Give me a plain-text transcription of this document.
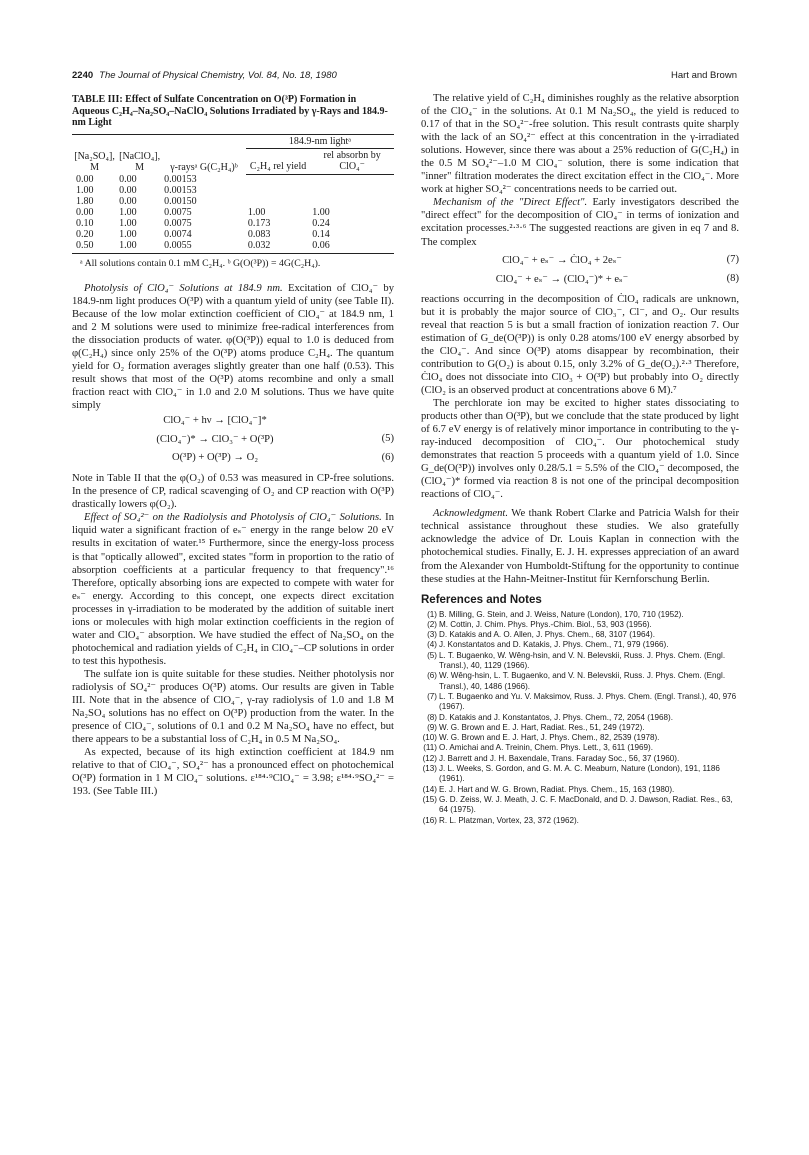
2240 The Journal of Physical Chemistry, Vol. 84, No. 18, 1980	Hart and Brown

TABLE III: Effect of Sulfate Concentration on O(³P) Formation in Aqueous C₂H₄–Na₂SO₄–NaClO₄ Solutions Irradiated by γ-Rays and 184.9-nm Light

[Na₂SO₄], M	[NaClO₄], M	γ-raysᵃ G(C₂H₄)ᵇ	184.9-nm lightᵃ	
			C₂H₄ rel yield	rel absorbn by ClO₄⁻
0.00	0.00	0.00153		
1.00	0.00	0.00153		
1.80	0.00	0.00150		
0.00	1.00	0.0075	1.00	1.00
0.10	1.00	0.0075	0.173	0.24
0.20	1.00	0.0074	0.083	0.14
0.50	1.00	0.0055	0.032	0.06

ᵃ All solutions contain 0.1 mM C₂H₄. ᵇ G(O(³P)) = 4G(C₂H₄).

Photolysis of ClO₄⁻ Solutions at 184.9 nm. Excitation of ClO₄⁻ by 184.9-nm light produces O(³P) with a quantum yield of unity (see Table II). Because of the low molar extinction coefficient of ClO₄⁻ at 184.9 nm, 1 and 2 M solutions were used to minimize free-radical interferences from the dissociation products of water. φ(O(³P)) equal to 1.0 is deduced from φ(C₂H₄) since only 25% of the O(³P) atoms produce C₂H₄. The quantum yield for O₂ formation averages slightly greater than one half (0.53). This result shows that most of the O(³P) atoms recombine and only a small fraction react with ClO₄⁻ in 1.0 and 2.0 M solutions. Thus we have quite simply

ClO₄⁻ + hν → [ClO₄⁻]*
(ClO₄⁻)* → ClO₃⁻ + O(³P)	(5)
O(³P) + O(³P) → O₂	(6)

Note in Table II that the φ(O₂) of 0.53 was measured in CP-free solutions. In the presence of CP, radical scavenging of O₂ and CP reaction with O(³P) drastically lowers φ(O₂).

Effect of SO₄²⁻ on the Radiolysis and Photolysis of ClO₄⁻ Solutions. In liquid water a significant fraction of eₛ⁻ energy in the range below 20 eV results in excitation of water.¹⁵ Furthermore, since the energy-loss process is that "optically allowed", excited states "form in proportion to the ratio of absorption coefficients at a particular frequency to that frequency".¹⁶ Therefore, optically absorbing ions are expected to compete with water for eₛ⁻ energy. According to this concept, one expects direct excitation processes in γ-irradiation to be moderated by the addition of suitable inert ions or molecules with high molar extinction coefficients in the region of water and ClO₄⁻ absorption. We have studied the effect of Na₂SO₄ on the photochemical and radiation yields of C₂H₄ in ClO₄⁻–CP solutions in order to test this hypothesis.

The sulfate ion is quite suitable for these studies. Neither photolysis nor radiolysis of SO₄²⁻ produces O(³P) atoms. Our results are given in Table III. Note that in the absence of ClO₄⁻, γ-ray radiolysis of 1.0 and 1.8 M Na₂SO₄ solutions has no effect on O(³P) production from the water. In the presence of ClO₄⁻, solutions of 0.1 and 0.2 M Na₂SO₄ have no effect, but there appears to be a substantial loss of C₂H₄ in 0.5 M Na₂SO₄.

As expected, because of its high extinction coefficient at 184.9 nm relative to that of ClO₄⁻, SO₄²⁻ has a pronounced effect on photochemical O(³P) formation in 1 M ClO₄⁻ solutions. ε¹⁸⁴·⁹ClO₄⁻ = 3.98; ε¹⁸⁴·⁹SO₄²⁻ = 193. (See Table III.)

The relative yield of C₂H₄ diminishes roughly as the relative absorption of the ClO₄⁻ in the solutions. At 0.1 M Na₂SO₄, the yield is reduced to 0.17 of that in the SO₄²⁻-free solution. This result contrasts quite sharply with the lack of an SO₄²⁻ effect at this concentration in the γ-irradiated solutions. However, since there was about a 25% reduction of G(C₂H₄) in the 0.5 M SO₄²⁻–1.0 M ClO₄⁻ solution, there is some indication that "inner" filtration moderates the direct excitation effect in the ClO₄⁻. More work at higher SO₄²⁻ concentrations needs to be carried out.

Mechanism of the "Direct Effect". Early investigators described the "direct effect" for the decomposition of ClO₄⁻ in terms of ionization and excitation processes.²·³·⁶ The suggested reactions are given in eq 7 and 8. The complex

ClO₄⁻ + eₛ⁻ → ĊlO₄ + 2eₛ⁻	(7)
ClO₄⁻ + eₛ⁻ → (ClO₄⁻)* + eₛ⁻	(8)

reactions occurring in the decomposition of ĊlO₄ radicals are unknown, but it is probably the major source of ClO₃⁻, Cl⁻, and O₂. Our results reveal that reaction 5 is but a small fraction of ionization reaction 7. Our estimation of G_de(O(³P)) is only 0.28 atoms/100 eV energy absorbed by the ClO₄⁻. And since O(³P) atoms disappear by recombination, their contribution to G(O₂) is about 0.15, only 3.2% of G_de(O₂).²·³ Therefore, ĊlO₄ does not dissociate into ClO₃ + O(³P) but probably into O₂ directly (ClO₂ is an observed product at concentrations above 6 M).⁷

The perchlorate ion may be excited to higher states dissociating to products other than O(³P), but we conclude that the state produced by light of 6.7 eV energy is of relatively minor importance in contributing to the γ-ray-induced decomposition of ClO₄⁻. Our photochemical study demonstrates that reaction 5 proceeds with a quantum yield of 1.0. Since G_de(O(³P)) involves only 0.28/5.1 = 5.5% of the ClO₄⁻ decomposed, the (ClO₄⁻)* formed via reaction 8 is not one of the principal decomposition reactions of ClO₄⁻.

Acknowledgment. We thank Robert Clarke and Patricia Walsh for their technical assistance throughout these studies. We also gratefully acknowledge the advice of Dr. Louis Kaplan in connection with the photochemical studies. Finally, E. J. H. expresses appreciation of an award from the Alexander von Humboldt-Stiftung for the opportunity to continue these studies at the Hahn-Meitner-Institut für Kernforschung Berlin.

References and Notes
(1) B. Milling, G. Stein, and J. Weiss, Nature (London), 170, 710 (1952).
(2) M. Cottin, J. Chim. Phys. Phys.-Chim. Biol., 53, 903 (1956).
(3) D. Katakis and A. O. Allen, J. Phys. Chem., 68, 3107 (1964).
(4) J. Konstantatos and D. Katakis, J. Phys. Chem., 71, 979 (1966).
(5) L. T. Bugaenko, W. Wêng-hsin, and V. N. Belevskii, Russ. J. Phys. Chem. (Engl. Transl.), 40, 1129 (1966).
(6) W. Wêng-hsin, L. T. Bugaenko, and V. N. Belevskii, Russ. J. Phys. Chem. (Engl. Transl.), 40, 1486 (1966).
(7) L. T. Bugaenko and Yu. V. Maksimov, Russ. J. Phys. Chem. (Engl. Transl.), 40, 976 (1967).
(8) D. Katakis and J. Konstantatos, J. Phys. Chem., 72, 2054 (1968).
(9) W. G. Brown and E. J. Hart, Radiat. Res., 51, 249 (1972).
(10) W. G. Brown and E. J. Hart, J. Phys. Chem., 82, 2539 (1978).
(11) O. Amichai and A. Treinin, Chem. Phys. Lett., 3, 611 (1969).
(12) J. Barrett and J. H. Baxendale, Trans. Faraday Soc., 56, 37 (1960).
(13) J. L. Weeks, S. Gordon, and G. M. A. C. Meaburn, Nature (London), 191, 1186 (1961).
(14) E. J. Hart and W. G. Brown, Radiat. Phys. Chem., 15, 163 (1980).
(15) G. D. Zeiss, W. J. Meath, J. C. F. MacDonald, and D. J. Dawson, Radiat. Res., 63, 64 (1975).
(16) R. L. Platzman, Vortex, 23, 372 (1962).
